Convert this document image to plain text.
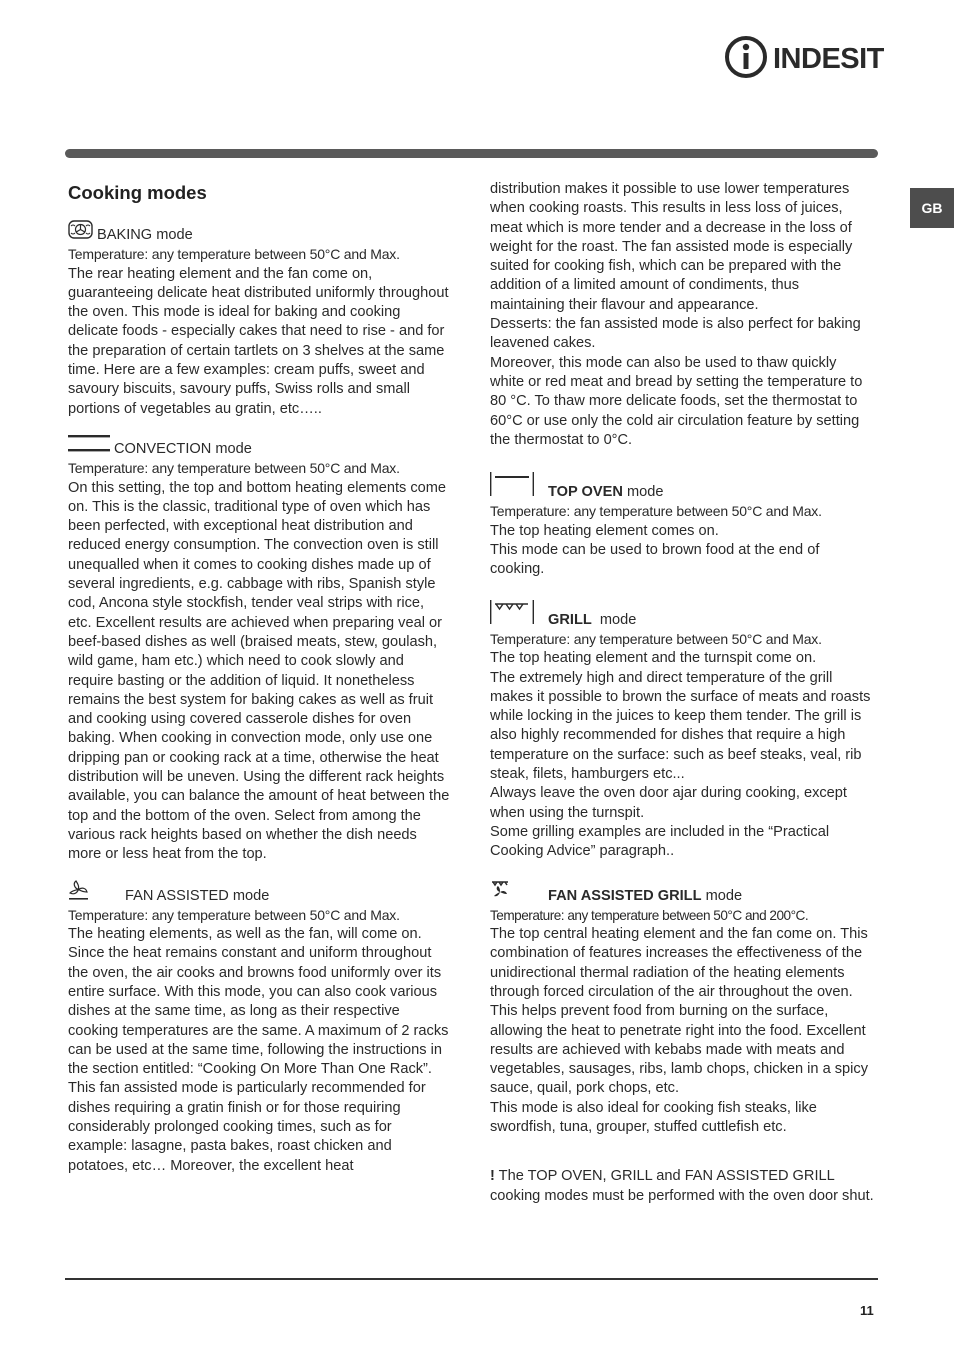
INDESIT
GB
Cooking modes
BAKING mode

Temperature: any temperature between 50°C and Max.

The rear heating element and the fan come on, guaranteeing delicate heat distributed uniformly throughout the oven. This mode is ideal for baking and cooking delicate foods - especially cakes that need to rise - and for the preparation of certain tartlets on 3 shelves at the same time. Here are a few examples: cream puffs, sweet and savoury biscuits, savoury puffs, Swiss rolls and small portions of vegetables au gratin, etc…..

CONVECTION mode

Temperature: any temperature between 50°C and Max.

On this setting, the top and bottom heating elements come on. This is the classic, traditional type of oven which has been perfected, with exceptional heat distribution and reduced energy consumption. The convection oven is still unequalled when it comes to cooking dishes made up of several ingredients, e.g. cabbage with ribs, Spanish style cod, Ancona style stockfish, tender veal strips with rice, etc. Excellent results are achieved when preparing veal or beef-based dishes as well (braised meats, stew, goulash, wild game, ham etc.) which need to cook slowly and require basting or the addition of liquid. It nonetheless remains the best system for baking cakes as well as fruit and cooking using covered casserole dishes for oven baking. When cooking in convection mode, only use one dripping pan or cooking rack at a time, otherwise the heat distribution will be uneven. Using the different rack heights available, you can balance the amount of heat between the top and the bottom of the oven. Select from among the various rack heights based on whether the dish needs more or less heat from the top.

FAN ASSISTED mode

Temperature: any temperature between 50°C and Max.

The heating elements, as well as the fan, will come on. Since the heat remains constant and uniform throughout the oven, the air cooks and browns food uniformly over its entire surface. With this mode, you can also cook various dishes at the same time, as long as their respective cooking temperatures are the same. A maximum of 2 racks can be used at the same time, following the instructions in the section entitled: “Cooking On More Than One Rack”.

This fan assisted mode is particularly recommended for dishes requiring a gratin finish or for those requiring considerably prolonged cooking times, such as for example: lasagne, pasta bakes, roast chicken and potatoes, etc… Moreover, the excellent heat

distribution makes it possible to use lower temperatures when cooking roasts. This results in less loss of juices, meat which is more tender and a decrease in the loss of weight for the roast. The fan assisted mode is especially suited for cooking fish, which can be prepared with the addition of a limited amount of condiments, thus maintaining their flavour and appearance.

Desserts: the fan assisted mode is also perfect for baking leavened cakes.

Moreover, this mode can also be used to thaw quickly white or red meat and bread by setting the temperature to 80 °C. To thaw more delicate foods, set the thermostat to 60°C or use only the cold air circulation feature by setting the thermostat to 0°C.

TOP OVEN mode

Temperature: any temperature between 50°C and Max.

The top heating element comes on.

This mode can be used to brown food at the end of cooking.

GRILL  mode

Temperature: any temperature between 50°C and Max.

The top heating element and the turnspit come on.

The extremely high and direct temperature of the grill makes it possible to brown the surface of meats and roasts while locking in the juices to keep them tender. The grill is also highly recommended for dishes that require a high temperature on the surface: such as beef steaks, veal, rib steak, filets, hamburgers etc...

Always leave the oven door ajar during cooking, except when using the turnspit.

Some grilling examples are included in the “Practical Cooking Advice” paragraph..

FAN ASSISTED GRILL mode

Temperature: any temperature between 50°C and 200°C.

The top central heating element and the fan come on. This combination of features increases the effectiveness of the unidirectional thermal radiation of the heating elements through forced circulation of the air throughout the oven. This helps prevent food from burning on the surface, allowing the heat to penetrate right into the food. Excellent results are achieved with kebabs made with meats and vegetables, sausages, ribs, lamb chops, chicken in a spicy sauce, quail, pork chops, etc.

This mode is also ideal for cooking fish steaks, like swordfish, tuna, grouper, stuffed cuttlefish etc.

! The TOP OVEN, GRILL and FAN ASSISTED GRILL cooking modes must be performed with the oven door shut.

11
